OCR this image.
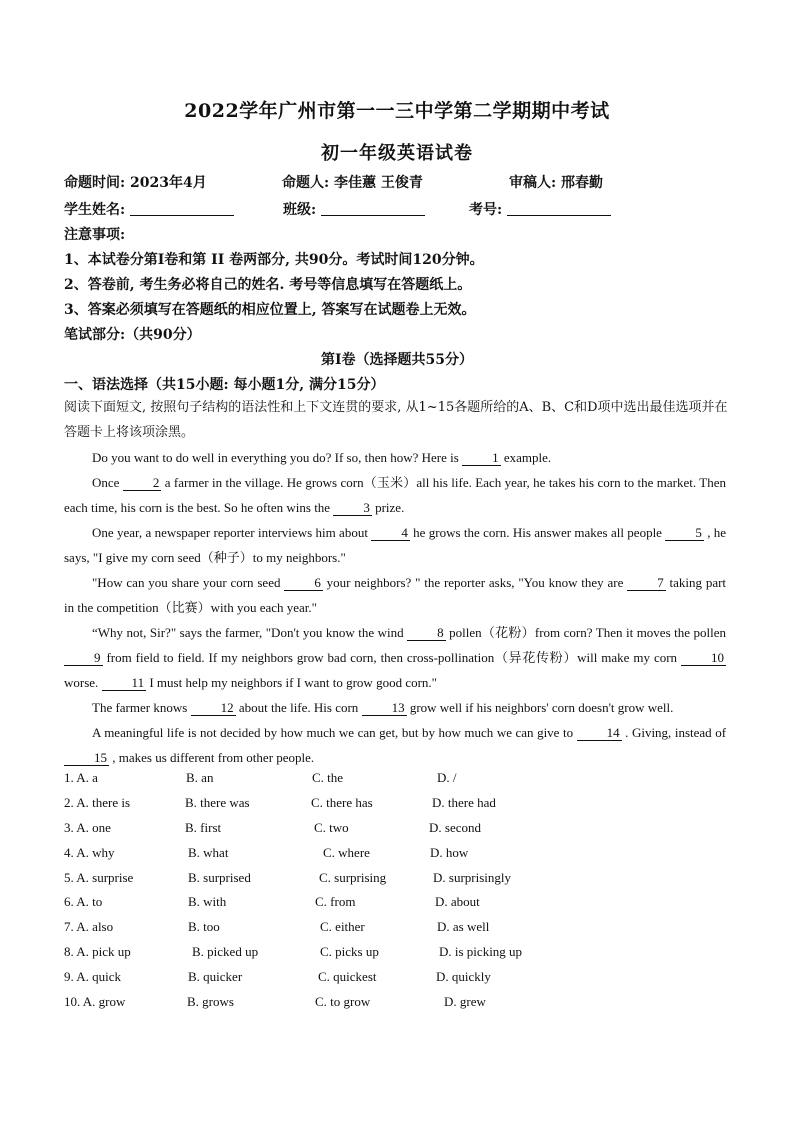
2022学年广州市第一一三中学第二学期期中考试
初一年级英语试卷
命题时间: 2023年4月	命题人: 李佳蕙 王俊青	审稿人: 邢春勤
学生姓名:	班级:	考号:
注意事项:
1、本试卷分第I卷和第 II 卷两部分, 共90分。考试时间120分钟。
2、答卷前, 考生务必将自己的姓名. 考号等信息填写在答题纸上。
3、答案必须填写在答题纸的相应位置上, 答案写在试题卷上无效。
笔试部分:（共90分）
第Ⅰ卷（选择题共55分）
一、语法选择（共15小题: 每小题1分, 满分15分）
阅读下面短文, 按照句子结构的语法性和上下文连贯的要求, 从1~15各题所给的A、B、C和D项中选出最佳选项并在答题卡上将该项涂黑。

Do you want to do well in everything you do? If so, then how? Here is	1 example.

Once	2 a farmer in the village. He grows corn（玉米）all his life. Each year, he takes his corn to the market. Then each time, his corn is the best. So he often wins the	3 prize.

One year, a newspaper reporter interviews him about	4 he grows the corn. His answer makes all people	5 , he says, "I give my corn seed（种子）to my neighbors."

"How can you share your corn seed	6 your neighbors? " the reporter asks, "You know they are	7 taking part in the competition（比赛）with you each year."

“Why not, Sir?" says the farmer, "Don't you know the wind	8 pollen（花粉）from corn? Then it moves the pollen 9 from field to field. If my neighbors grow bad corn, then cross-pollination（异花传粉）will make my corn	10 worse.	11 I must help my neighbors if I want to grow good corn."

The farmer knows	12 about the life. His corn	13 grow well if his neighbors' corn doesn't grow well.

A meaningful life is not decided by how much we can get, but by how much we can give to	14 . Giving, instead of 15 , makes us different from other people.

1. A. a	B. an	C. the	D. /
2. A. there is	B. there was	C. there has	D. there had
3. A. one	B. first	C. two	D. second
4. A. why	B. what	C. where	D. how
5. A. surprise	B. surprised	C. surprising	D. surprisingly
6. A. to	B. with	C. from	D. about
7. A. also	B. too	C. either	D. as well
8. A. pick up	B. picked up	C. picks up	D. is picking up
9. A. quick	B. quicker	C. quickest	D. quickly
10. A. grow	B. grows	C. to grow	D. grew
